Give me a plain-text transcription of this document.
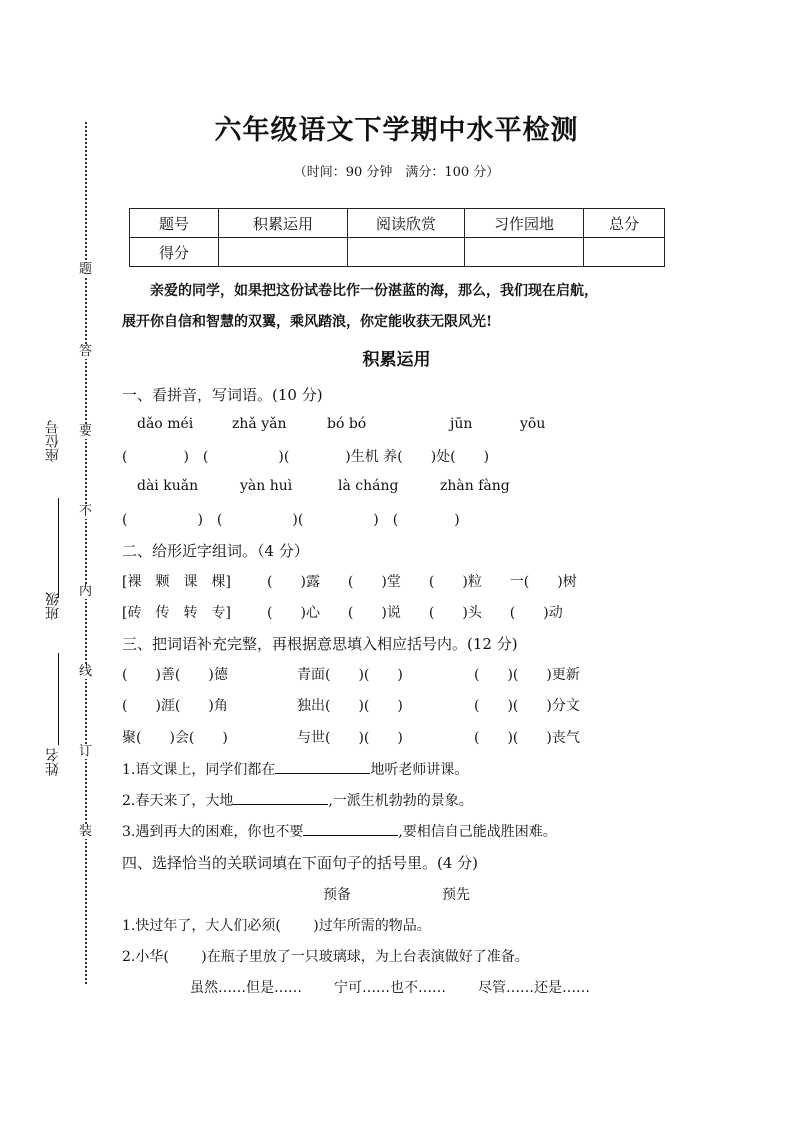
题
答
要
不
内
线
订
装
座位号
班级
姓名
六年级语文下学期中水平检测
（时间：90 分钟　满分：100 分）
题号	积累运用	阅读欣赏	习作园地	总分
得分				
亲爱的同学，如果把这份试卷比作一份湛蓝的海，那么，我们现在启航，
展开你自信和智慧的双翼，乘风踏浪，你定能收获无限风光!
积累运用
一、看拼音，写词语。(10 分)
dǎo méi	zhǎ yǎn	bó bó	jūn	yōu
(　　　　)　(　　　　　)(　　　　)生机 养(　　 )处(　　 )
dài kuǎn	yàn huì	là cháng	zhàn fàng
(　　　　　)　(　　　　　)(　　　　　)　(　　　　)
二、给形近字组词。（4 分）
[裸　颗　课　棵]	(　　)露　　(　　)堂　　(　　)粒　　 一(　　)树
[砖　传　转　专]	(　　)心　　(　　)说　　(　　)头　　(　　)动
三、把词语补充完整，再根据意思填入相应括号内。(12 分)
(　　)善(　　)德	青面(　　)(　　)	(　　)(　　)更新
(　　)涯(　　)角	独出(　　)(　　)	(　　)(　　)分文
聚(　　)会(　　)	与世(　　)(　　)	(　　)(　　)丧气
1.语文课上，同学们都在	地听老师讲课。
2.春天来了，大地	,一派生机勃勃的景象。
3.遇到再大的困难，你也不要	,要相信自己能战胜困难。
四、选择恰当的关联词填在下面句子的括号里。(4 分)
预备	预先
1.快过年了，大人们必须(　　 )过年所需的物品。
2.小华(　　 )在瓶子里放了一只玻璃球，为上台表演做好了准备。
虽然……但是…… 宁可……也不…… 尽管……还是……
